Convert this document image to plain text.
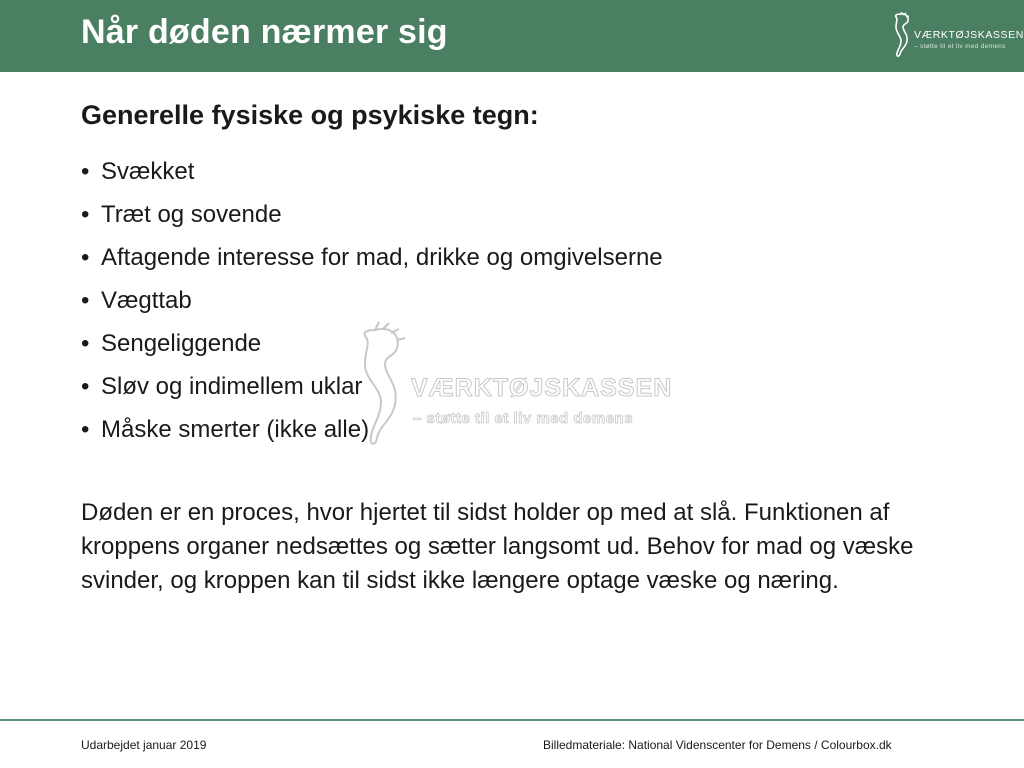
Når døden nærmer sig	VÆRKTØJSKASSEN
– støtte til et liv med demens
Generelle fysiske og psykiske tegn:
• Svækket
• Træt og sovende
• Aftagende interesse for mad, drikke og omgivelserne
• Vægttab
• Sengeliggende
• Sløv og indimellem uklar
• Måske smerter (ikke alle)
VÆRKTØJSKASSEN
– støtte til et liv med demens

Døden er en proces, hvor hjertet til sidst holder op med at slå. Funktionen af kroppens organer nedsættes og sætter langsomt ud. Behov for mad og væske svinder, og kroppen kan til sidst ikke længere optage væske og næring.

Udarbejdet januar 2019	Billedmateriale: National Videnscenter for Demens / Colourbox.dk
